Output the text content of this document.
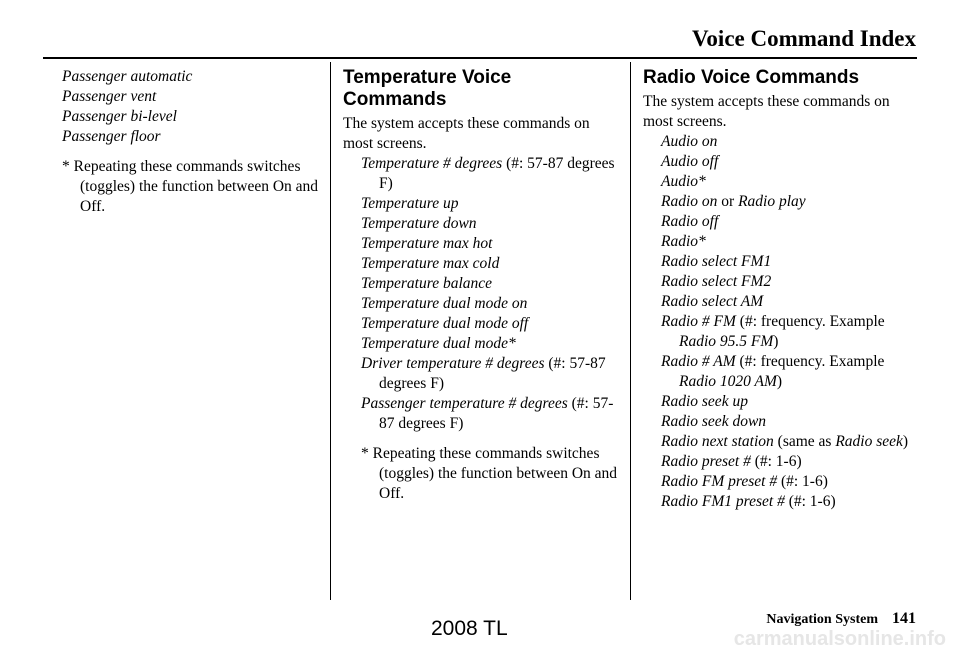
Voice Command Index

Passenger automatic

Passenger vent

Passenger bi-level

Passenger floor

* Repeating these commands switches (toggles) the function between On and Off.

Temperature Voice Commands

The system accepts these commands on most screens.

Temperature # degrees (#: 57-87 degrees F)

Temperature up

Temperature down

Temperature max hot

Temperature max cold

Temperature balance

Temperature dual mode on

Temperature dual mode off

Temperature dual mode*

Driver temperature # degrees (#: 57-87 degrees F)

Passenger temperature # degrees (#: 57-87 degrees F)

* Repeating these commands switches (toggles) the function between On and Off.

Radio Voice Commands

The system accepts these commands on most screens.

Audio on

Audio off

Audio*

Radio on or Radio play

Radio off

Radio*

Radio select FM1

Radio select FM2

Radio select AM

Radio # FM (#: frequency. Example Radio 95.5 FM)

Radio # AM (#: frequency. Example Radio 1020 AM)

Radio seek up

Radio seek down

Radio next station (same as Radio seek)

Radio preset # (#: 1-6)

Radio FM preset # (#: 1-6)

Radio FM1 preset # (#: 1-6)

Navigation System 141
2008 TL	carmanualsonline.info
